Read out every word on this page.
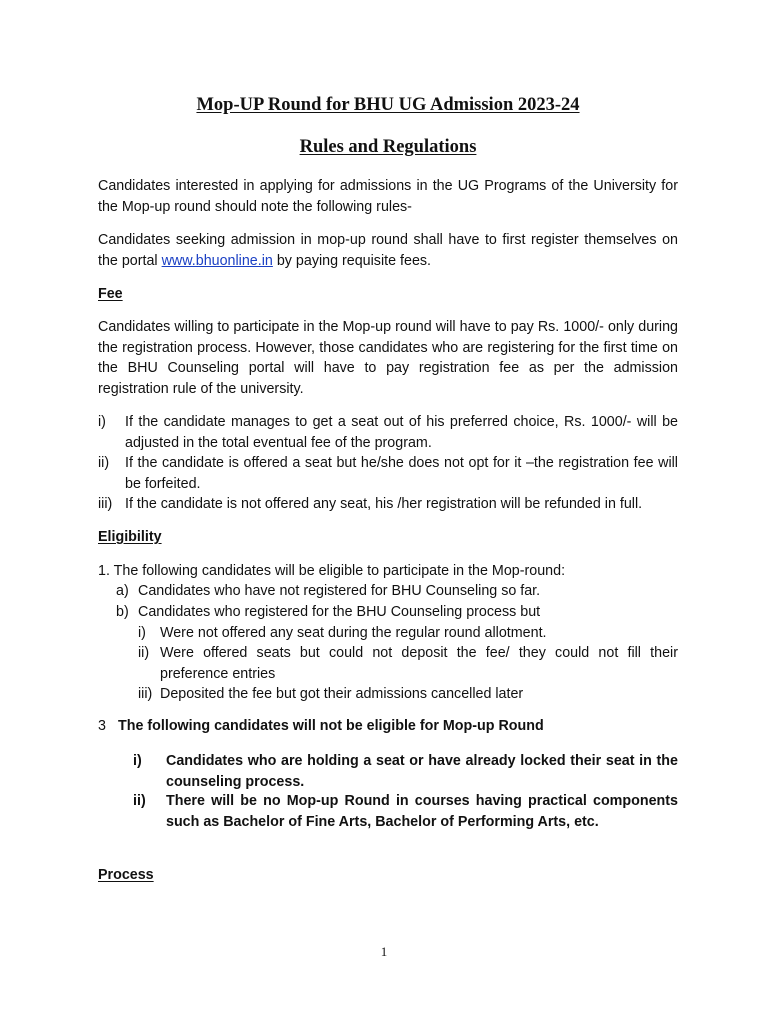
Mop-UP Round for BHU UG Admission 2023-24
Rules and Regulations

Candidates interested in applying for admissions in the UG Programs of the University for the Mop-up round should note the following rules-

Candidates seeking admission in mop-up round shall have to first register themselves on the portal www.bhuonline.in by paying requisite fees.

Fee

Candidates willing to participate in the Mop-up round will have to pay Rs. 1000/- only during the registration process. However, those candidates who are registering for the first time on the BHU Counseling portal will have to pay registration fee as per the admission registration rule of the university.

i) If the candidate manages to get a seat out of his preferred choice, Rs. 1000/- will be adjusted in the total eventual fee of the program.

ii) If the candidate is offered a seat but he/she does not opt for it –the registration fee will be forfeited.

iii) If the candidate is not offered any seat, his /her registration will be refunded in full.

Eligibility

1. The following candidates will be eligible to participate in the Mop-round:

a) Candidates who have not registered for BHU Counseling so far.

b) Candidates who registered for the BHU Counseling process but

i) Were not offered any seat during the regular round allotment.

ii) Were offered seats but could not deposit the fee/ they could not fill their preference entries

iii) Deposited the fee but got their admissions cancelled later

3 The following candidates will not be eligible for Mop-up Round

i) Candidates who are holding a seat or have already locked their seat in the counseling process.

ii) There will be no Mop-up Round in courses having practical components such as Bachelor of Fine Arts, Bachelor of Performing Arts, etc.

Process
1
